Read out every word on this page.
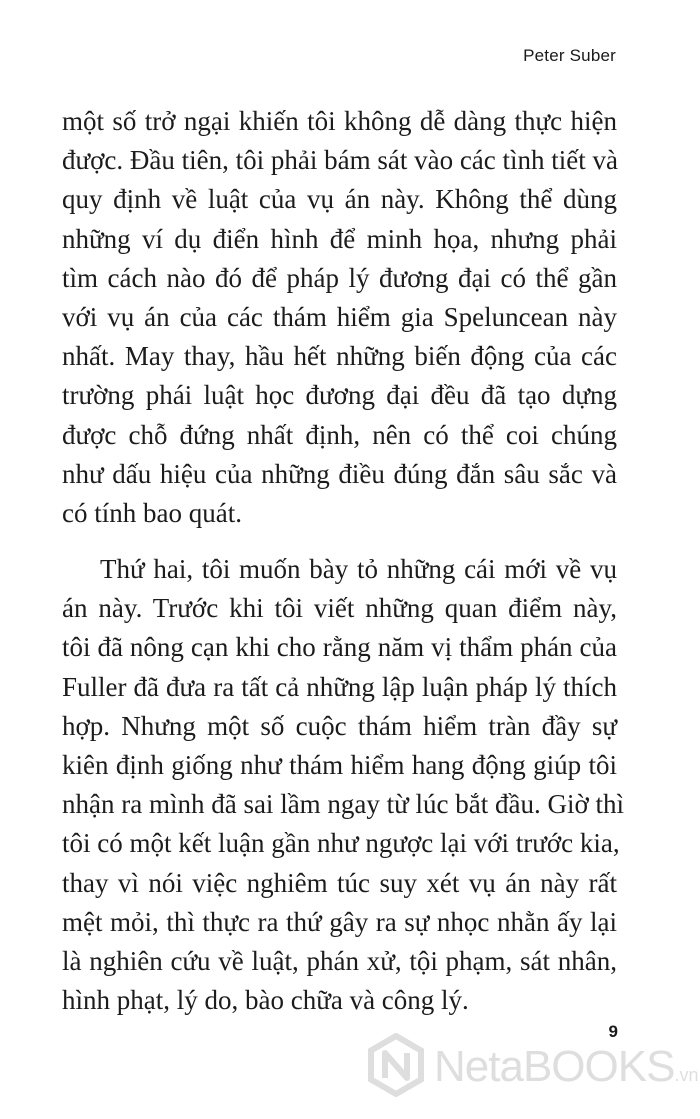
Peter Suber
một số trở ngại khiến tôi không dễ dàng thực hiện
được. Đầu tiên, tôi phải bám sát vào các tình tiết và
quy định về luật của vụ án này. Không thể dùng
những ví dụ điển hình để minh họa, nhưng phải
tìm cách nào đó để pháp lý đương đại có thể gần
với vụ án của các thám hiểm gia Speluncean này
nhất. May thay, hầu hết những biến động của các
trường phái luật học đương đại đều đã tạo dựng
được chỗ đứng nhất định, nên có thể coi chúng
như dấu hiệu của những điều đúng đắn sâu sắc và
có tính bao quát.
Thứ hai, tôi muốn bày tỏ những cái mới về vụ
án này. Trước khi tôi viết những quan điểm này,
tôi đã nông cạn khi cho rằng năm vị thẩm phán của
Fuller đã đưa ra tất cả những lập luận pháp lý thích
hợp. Nhưng một số cuộc thám hiểm tràn đầy sự
kiên định giống như thám hiểm hang động giúp tôi
nhận ra mình đã sai lầm ngay từ lúc bắt đầu. Giờ thì
tôi có một kết luận gần như ngược lại với trước kia,
thay vì nói việc nghiêm túc suy xét vụ án này rất
mệt mỏi, thì thực ra thứ gây ra sự nhọc nhằn ấy lại
là nghiên cứu về luật, phán xử, tội phạm, sát nhân,
hình phạt, lý do, bào chữa và công lý.
9
NetaBOOKS.vn
